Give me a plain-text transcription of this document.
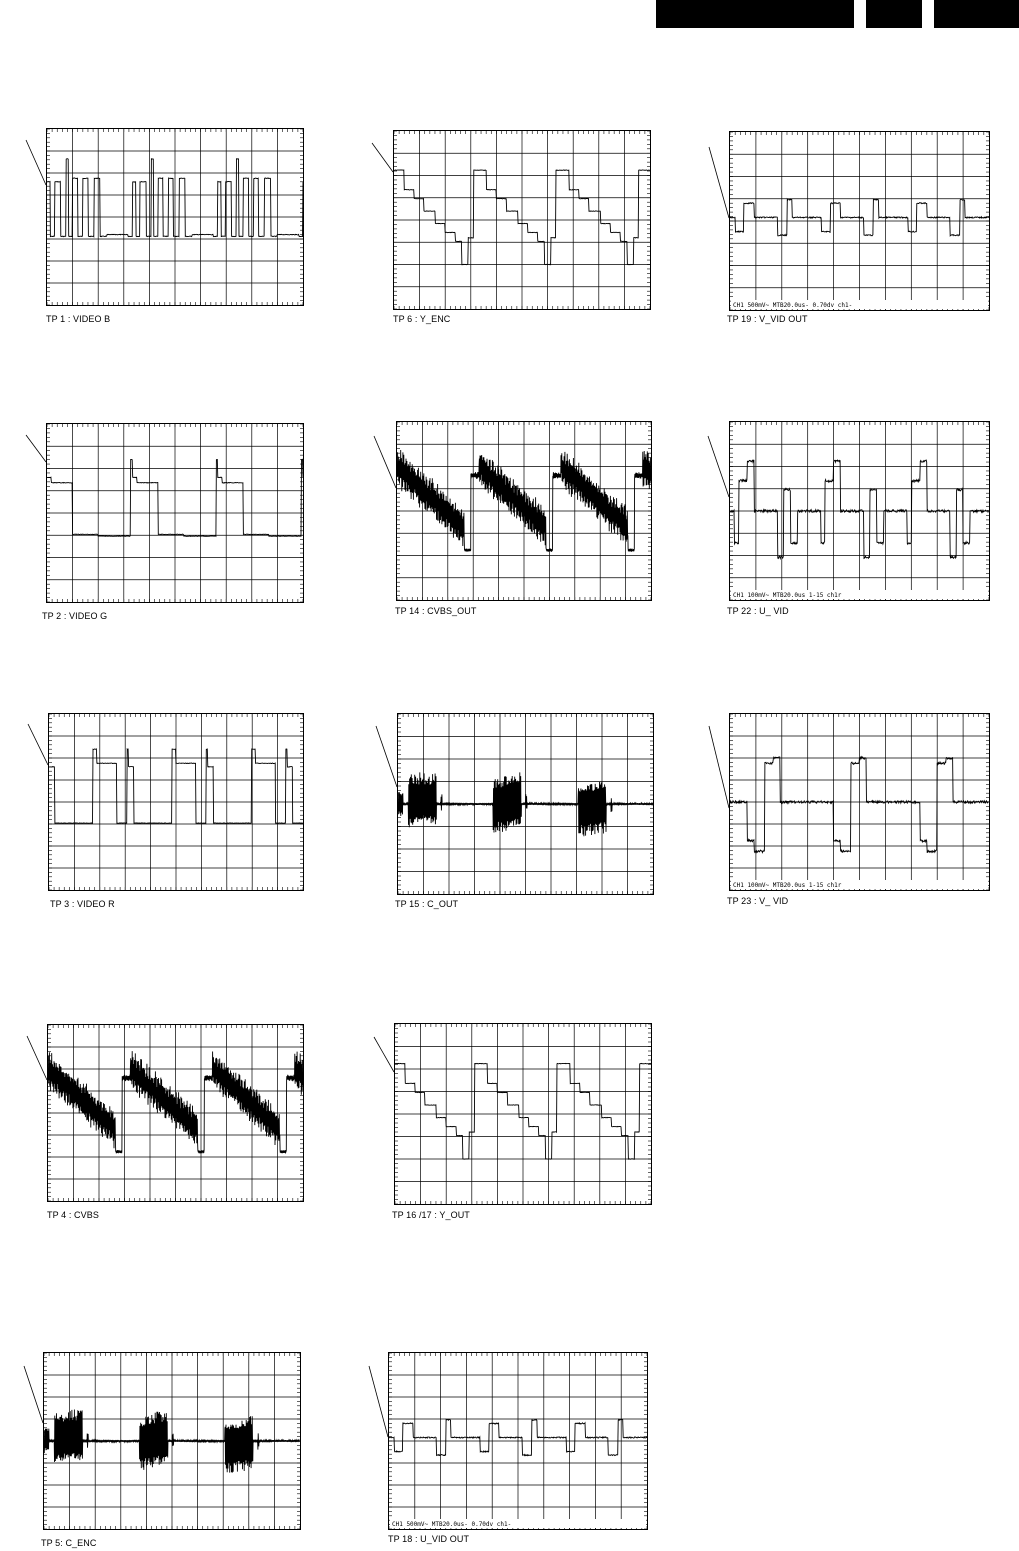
TP 1 : VIDEO B
TP 2 : VIDEO G
TP 3 : VIDEO R
TP 4 : CVBS
TP 5: C_ENC
TP 6 : Y_ENC
TP 14 : CVBS_OUT
TP 15 : C_OUT
TP 16 /17 : Y_OUT
CH1 500mV~ MTB20.0us- 0.70dv ch1-
TP 18 : U_VID OUT
CH1 500mV~ MTB20.0us- 0.70dv ch1-
TP 19 : V_VID OUT
CH1 100mV~ MTB20.0us 1-15 ch1r
TP 22 : U_ VID
CH1 100mV~ MTB20.0us 1-15 ch1r
TP 23 : V_ VID
